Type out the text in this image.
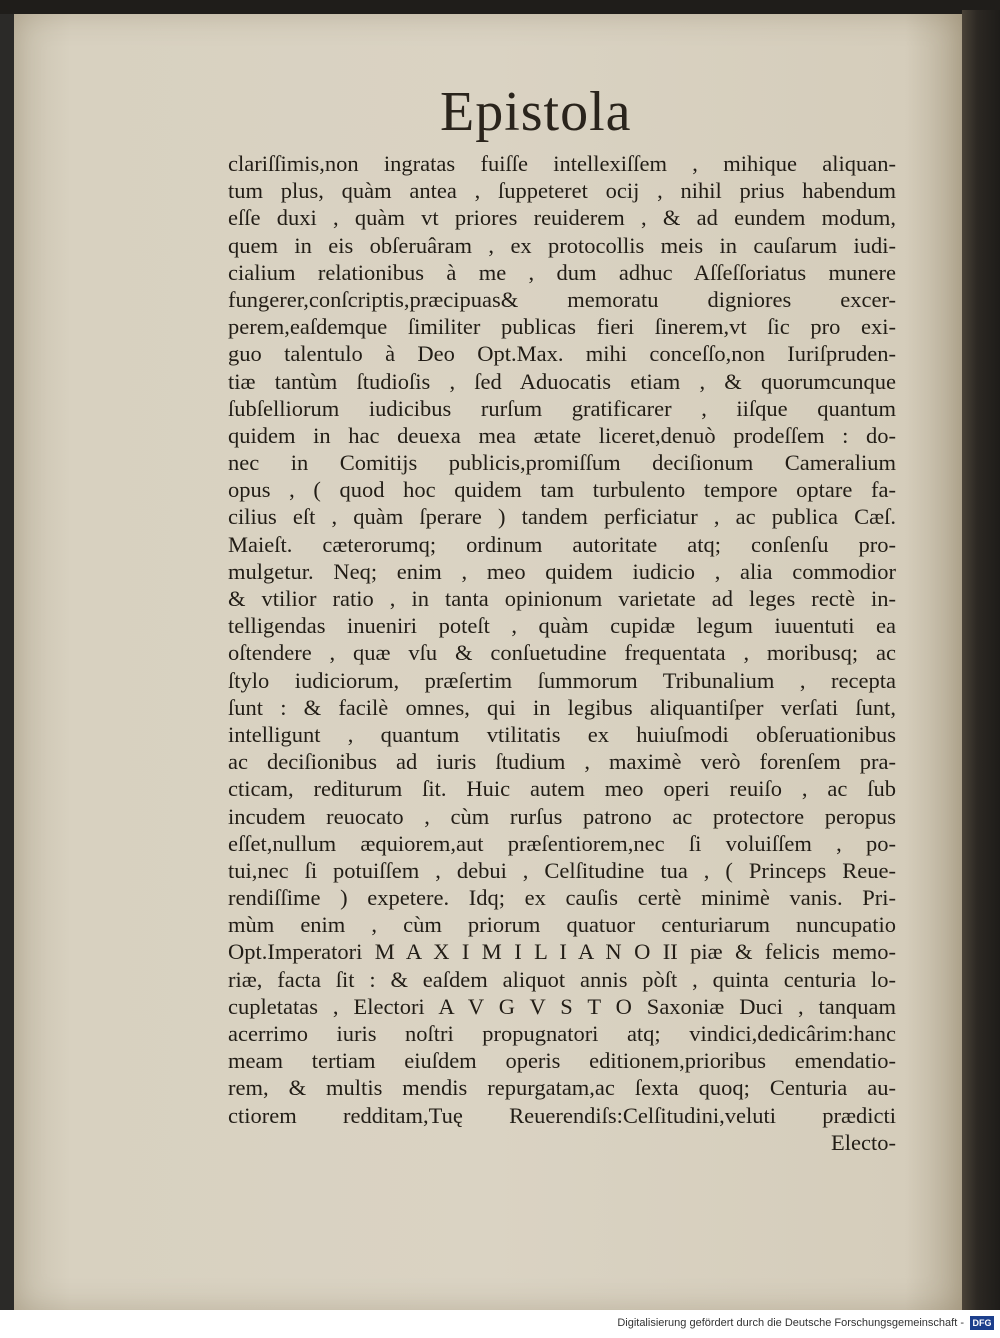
Epistola
clariſſimis,non ingratas fuiſſe intellexiſſem , mihique aliquan-
tum plus, quàm antea , ſuppeteret ocij , nihil prius habendum
eſſe duxi , quàm vt priores reuiderem , & ad eundem modum,
quem in eis obſeruâram , ex protocollis meis in cauſarum iudi-
cialium relationibus à me , dum adhuc Aſſeſſoriatus munere
fungerer,conſcriptis,præcipuas& memoratu digniores excer-
perem,eaſdemque ſimiliter publicas fieri ſinerem,vt ſic pro exi-
guo talentulo à Deo Opt.Max. mihi conceſſo,non Iuriſpruden-
tiæ tantùm ſtudioſis , ſed Aduocatis etiam , & quorumcunque
ſubſelliorum iudicibus rurſum gratificarer , iiſque quantum
quidem in hac deuexa mea ætate liceret,denuò prodeſſem : do-
nec in Comitijs publicis,promiſſum deciſionum Cameralium
opus , ( quod hoc quidem tam turbulento tempore optare fa-
cilius eſt , quàm ſperare ) tandem perficiatur , ac publica Cæſ.
Maieſt. cæterorumq; ordinum autoritate atq; conſenſu pro-
mulgetur. Neq; enim , meo quidem iudicio , alia commodior
& vtilior ratio , in tanta opinionum varietate ad leges rectè in-
telligendas inueniri poteſt , quàm cupidæ legum iuuentuti ea
oſtendere , quæ vſu & conſuetudine frequentata , moribusq; ac
ſtylo iudiciorum, præſertim ſummorum Tribunalium , recepta
ſunt : & facilè omnes, qui in legibus aliquantiſper verſati ſunt,
intelligunt , quantum vtilitatis ex huiuſmodi obſeruationibus
ac deciſionibus ad iuris ſtudium , maximè verò forenſem pra-
cticam, rediturum ſit. Huic autem meo operi reuiſo , ac ſub
incudem reuocato , cùm rurſus patrono ac protectore peropus
eſſet,nullum æquiorem,aut præſentiorem,nec ſi voluiſſem , po-
tui,nec ſi potuiſſem , debui , Celſitudine tua , ( Princeps Reue-
rendiſſime ) expetere. Idq; ex cauſis certè minimè vanis. Pri-
mùm enim , cùm priorum quatuor centuriarum nuncupatio
Opt.Imperatori M A X I M I L I A N O II piæ & felicis memo-
riæ, facta ſit : & eaſdem aliquot annis pòſt , quinta centuria lo-
cupletatas , Electori A V G V S T O Saxoniæ Duci , tanquam
acerrimo iuris noſtri propugnatori atq; vindici,dedicârim:hanc
meam tertiam eiuſdem operis editionem,prioribus emendatio-
rem, & multis mendis repurgatam,ac ſexta quoq; Centuria au-
ctiorem redditam,Tuę Reuerendiſs:Celſitudini,veluti prædicti
Electo-
Digitalisierung gefördert durch die Deutsche Forschungsgemeinschaft - DFG
